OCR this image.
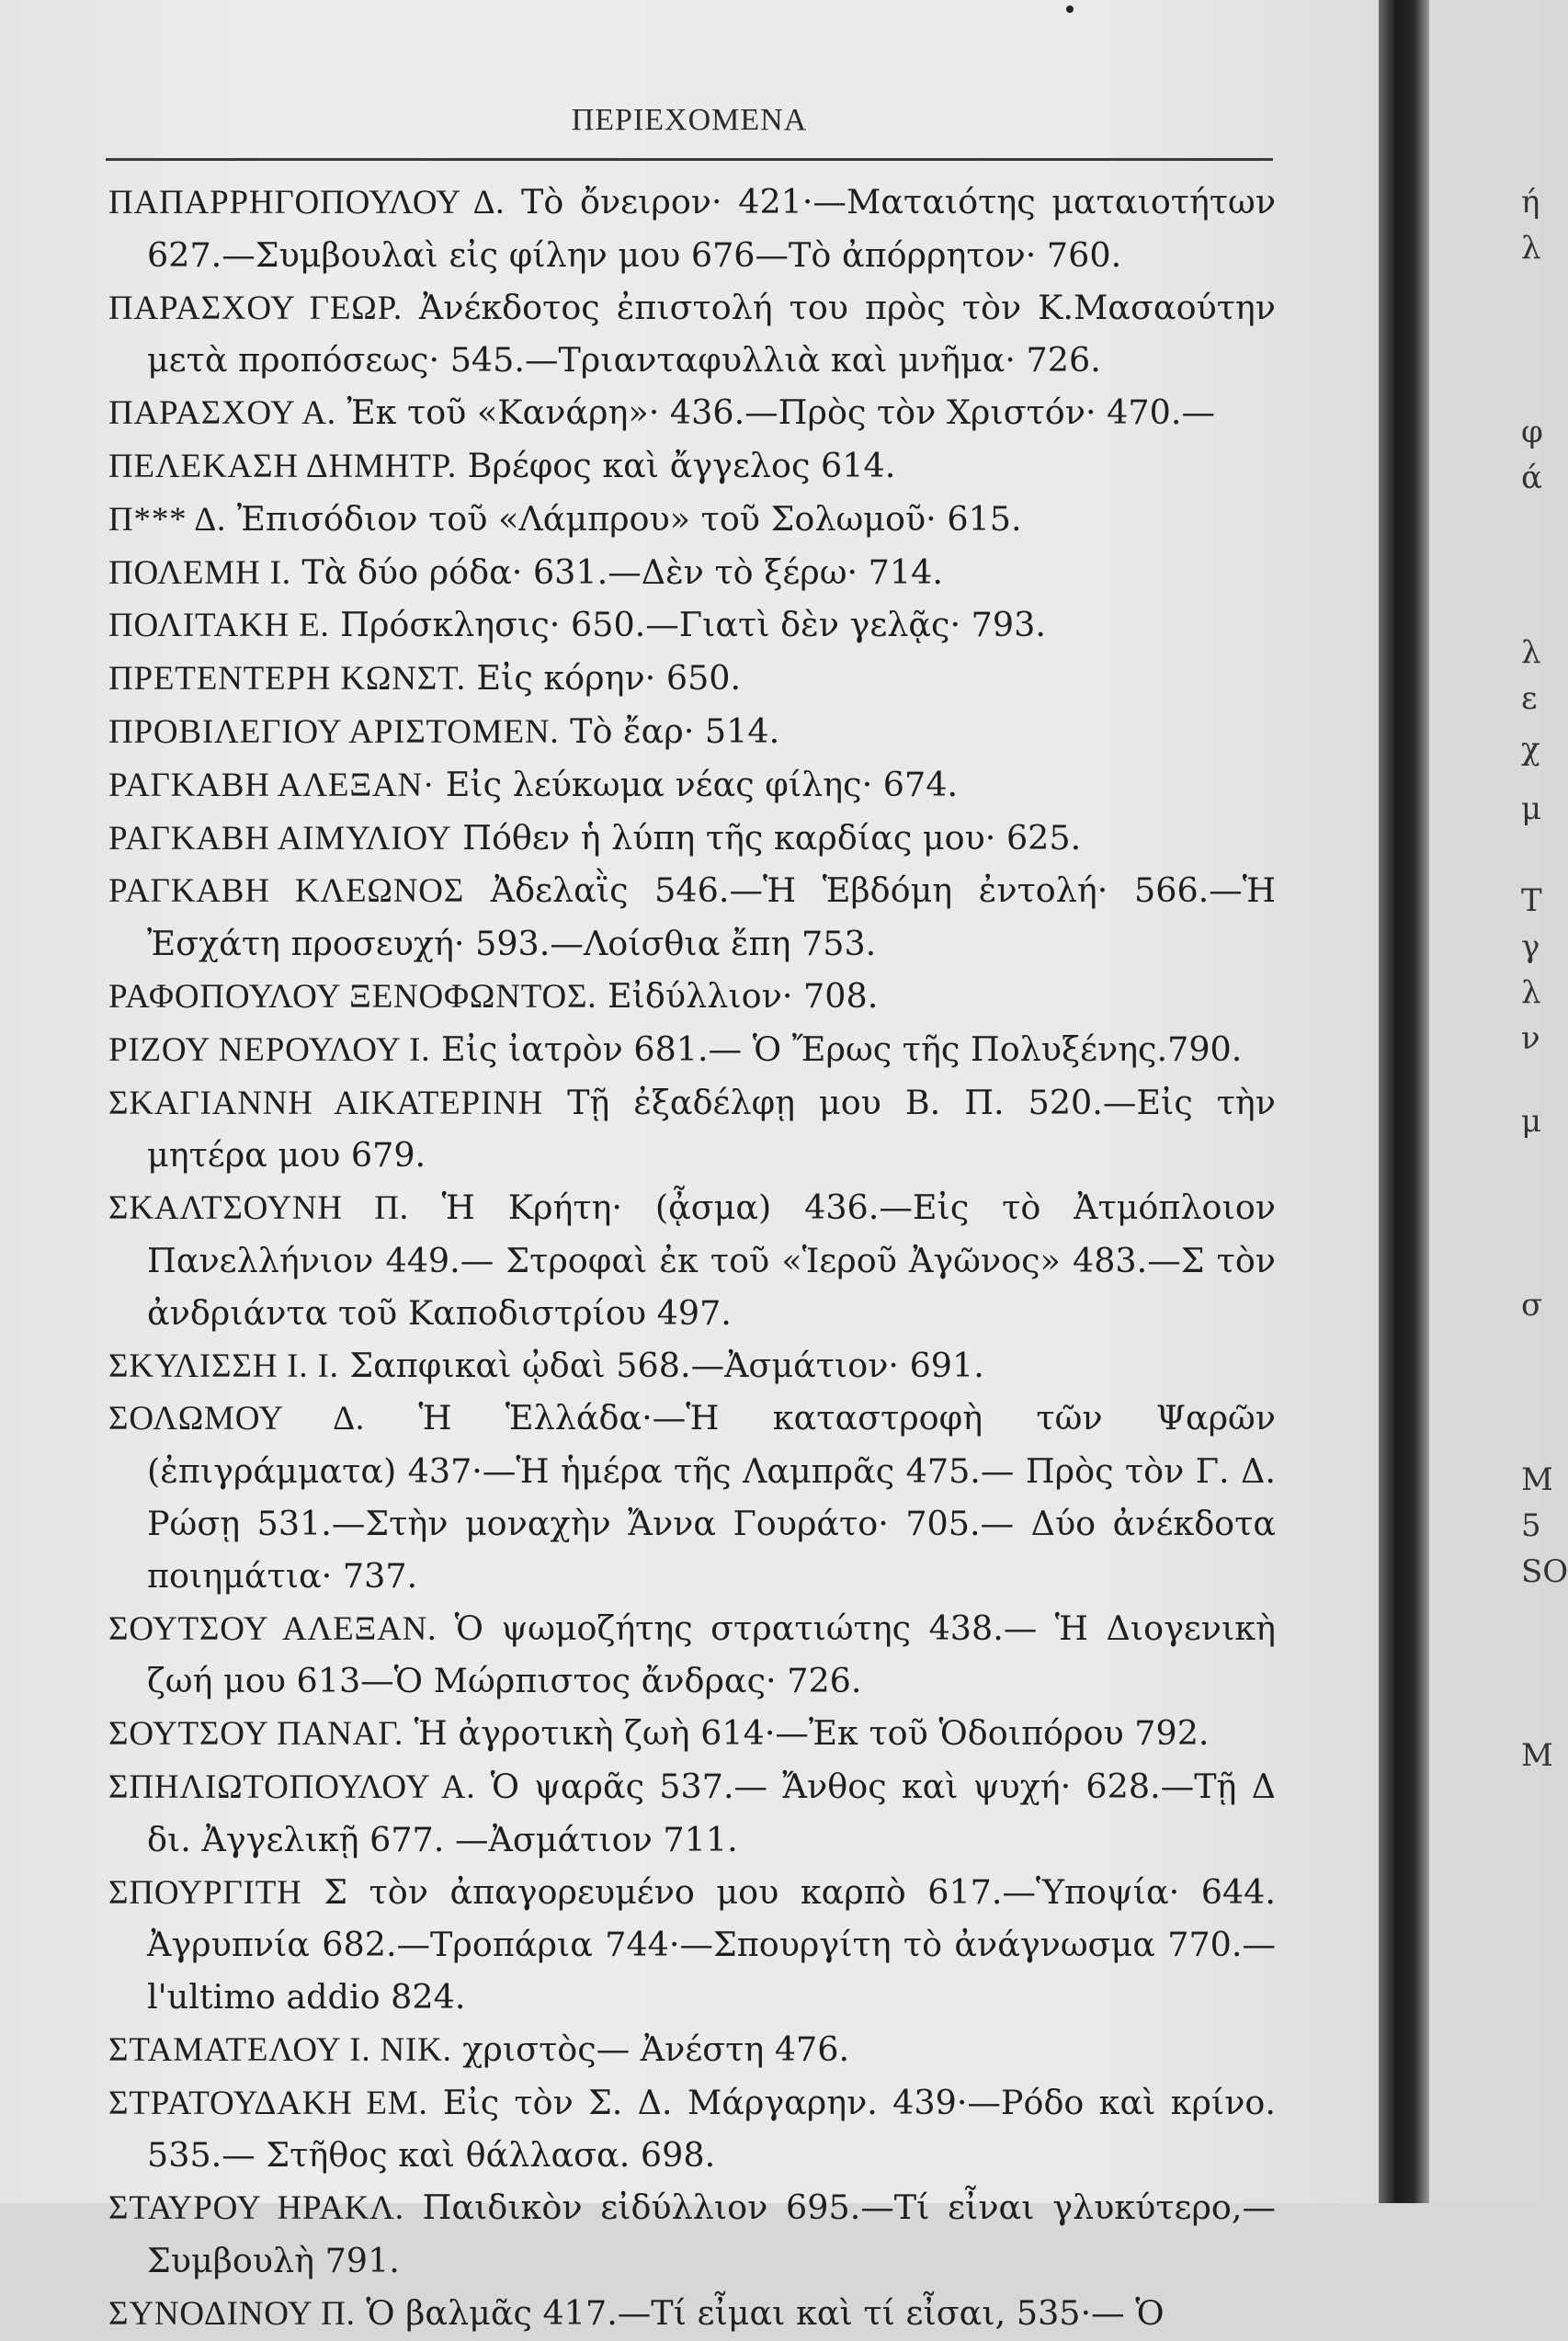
ΠΕΡΙΕΧΟΜΕΝΑ

ΠΑΠΑΡΡΗΓΟΠΟΥΛΟΥ Δ. Τὸ ὄνειρον· 421·—Ματαιότης ματαιοτήτων 627.—Συμβουλαὶ εἰς φίλην μου 676—Τὸ ἀπόρρητον· 760.

ΠΑΡΑΣΧΟΥ ΓΕΩΡ. Ἀνέκδοτος ἐπιστολή του πρὸς τὸν Κ.Μασαούτην μετὰ προπόσεως· 545.—Τριανταφυλλιὰ καὶ μνῆμα· 726.

ΠΑΡΑΣΧΟΥ Α. Ἐκ τοῦ «Κανάρη»· 436.—Πρὸς τὸν Χριστόν· 470.—

ΠΕΛΕΚΑΣΗ ΔΗΜΗΤΡ. Βρέφος καὶ ἄγγελος 614.

Π*** Δ. Ἐπισόδιον τοῦ «Λάμπρου» τοῦ Σολωμοῦ· 615.

ΠΟΛΕΜΗ Ι. Τὰ δύο ρόδα· 631.—Δὲν τὸ ξέρω· 714.

ΠΟΛΙΤΑΚΗ Ε. Πρόσκλησις· 650.—Γιατὶ δὲν γελᾷς· 793.

ΠΡΕΤΕΝΤΕΡΗ ΚΩΝΣΤ. Εἰς κόρην· 650.

ΠΡΟΒΙΛΕΓΙΟΥ ΑΡΙΣΤΟΜΕΝ. Τὸ ἔαρ· 514.

ΡΑΓΚΑΒΗ ΑΛΕΞΑΝ· Εἰς λεύκωμα νέας φίλης· 674.

ΡΑΓΚΑΒΗ ΑΙΜΥΛΙΟΥ Πόθεν ἡ λύπη τῆς καρδίας μου· 625.

ΡΑΓΚΑΒΗ ΚΛΕΩΝΟΣ Ἀδελαῒς 546.—Ἡ Ἑβδόμη ἐντολή· 566.—Ἡ Ἐσχάτη προσευχή· 593.—Λοίσθια ἔπη 753.

ΡΑΦΟΠΟΥΛΟΥ ΞΕΝΟΦΩΝΤΟΣ. Εἰδύλλιον· 708.

ΡΙΖΟΥ ΝΕΡΟΥΛΟΥ Ι. Εἰς ἰατρὸν 681.— Ὁ Ἔρως τῆς Πολυξένης.790.

ΣΚΑΓΙΑΝΝΗ ΑΙΚΑΤΕΡΙΝΗ Τῇ ἐξαδέλφῃ μου Β. Π. 520.—Εἰς τὴν μητέρα μου 679.

ΣΚΑΛΤΣΟΥΝΗ Π. Ἡ Κρήτη· (ᾆσμα) 436.—Εἰς τὸ Ἀτμόπλοιον Πανελλήνιον 449.— Στροφαὶ ἐκ τοῦ «Ἱεροῦ Ἀγῶνος» 483.—Σ τὸν ἀνδριάντα τοῦ Καποδιστρίου 497.

ΣΚΥΛΙΣΣΗ Ι. Ι. Σαπφικαὶ ᾠδαὶ 568.—Ἀσμάτιον· 691.

ΣΟΛΩΜΟΥ Δ. Ἡ Ἑλλάδα·—Ἡ καταστροφὴ τῶν Ψαρῶν (ἐπιγράμματα) 437·—Ἡ ἡμέρα τῆς Λαμπρᾶς 475.— Πρὸς τὸν Γ. Δ. Ρώσῃ 531.—Στὴν μοναχὴν Ἄννα Γουράτο· 705.— Δύο ἀνέκδοτα ποιημάτια· 737.

ΣΟΥΤΣΟΥ ΑΛΕΞΑΝ. Ὁ ψωμοζήτης στρατιώτης 438.— Ἡ Διογενικὴ ζωή μου 613—Ὁ Μώρπιστος ἄνδρας· 726.

ΣΟΥΤΣΟΥ ΠΑΝΑΓ. Ἡ ἀγροτικὴ ζωὴ 614·—Ἐκ τοῦ Ὁδοιπόρου 792.

ΣΠΗΛΙΩΤΟΠΟΥΛΟΥ Α. Ὁ ψαρᾶς 537.— Ἄνθος καὶ ψυχή· 628.—Τῇ Δ δι. Ἀγγελικῇ 677. —Ἀσμάτιον 711.

ΣΠΟΥΡΓΙΤΗ Σ τὸν ἀπαγορευμένο μου καρπὸ 617.—Ὑποψία· 644. Ἀγρυπνία 682.—Τροπάρια 744·—Σπουργίτη τὸ ἀνάγνωσμα 770.— l'ultimo addio 824.

ΣΤΑΜΑΤΕΛΟΥ Ι. ΝΙΚ. χριστὸς— Ἀνέστη 476.

ΣΤΡΑΤΟΥΔΑΚΗ ΕΜ. Εἰς τὸν Σ. Δ. Μάργαρην. 439·—Ρόδο καὶ κρίνο. 535.— Στῆθος καὶ θάλλασα. 698.

ΣΤΑΥΡΟΥ ΗΡΑΚΛ. Παιδικὸν εἰδύλλιον 695.—Τί εἶναι γλυκύτερο,— Συμβουλὴ 791.

ΣΥΝΟΔΙΝΟΥ Π. Ὁ βαλμᾶς 417.—Τί εἶμαι καὶ τί εἶσαι, 535·— Ὁ

ή
λ
φ
ά
λ
ε
χ
μ
Τ
γ
λ
ν
μ
σ
Μ
5
SO
Μ
